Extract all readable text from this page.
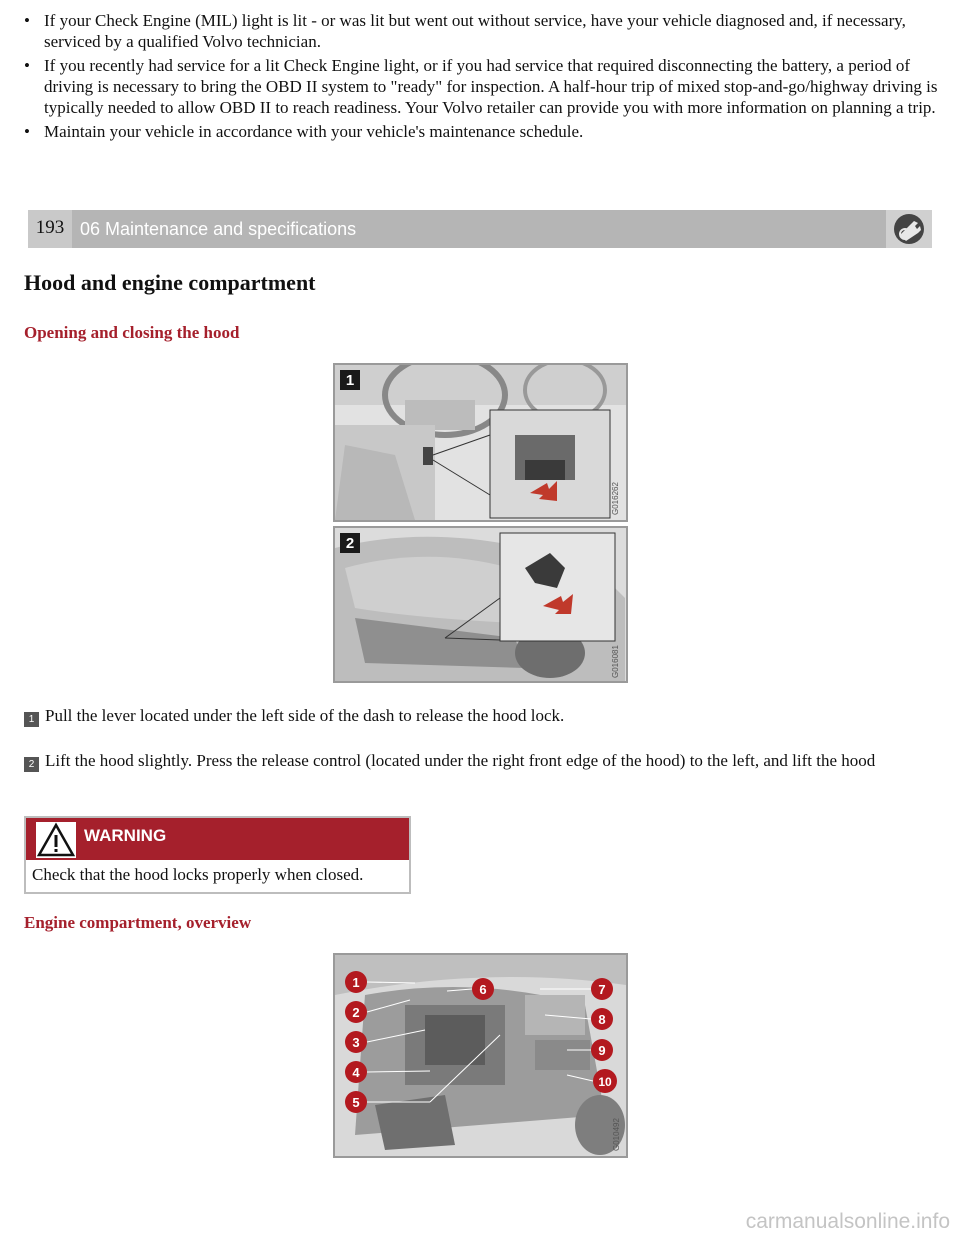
• If your Check Engine (MIL) light is lit - or was lit but went out without service, have your vehicle diagnosed and, if necessary, serviced by a qualified Volvo technician.
• If you recently had service for a lit Check Engine light, or if you had service that required disconnecting the battery, a period of driving is necessary to bring the OBD II system to "ready" for inspection. A half-hour trip of mixed stop-and-go/highway driving is typically needed to allow OBD II to reach readiness. Your Volvo retailer can provide you with more information on planning a trip.
• Maintain your vehicle in accordance with your vehicle's maintenance schedule.
193 06 Maintenance and specifications
Hood and engine compartment
Opening and closing the hood
1
G016262
2
G016081

1 Pull the lever located under the left side of the dash to release the hood lock.

2 Lift the hood slightly. Press the release control (located under the right front edge of the hood) to the left, and lift the hood

WARNING
Check that the hood locks properly when closed.
Engine compartment, overview
1
2
3
4
5
6	7
8
9
10
G010492
carmanualsonline.info
